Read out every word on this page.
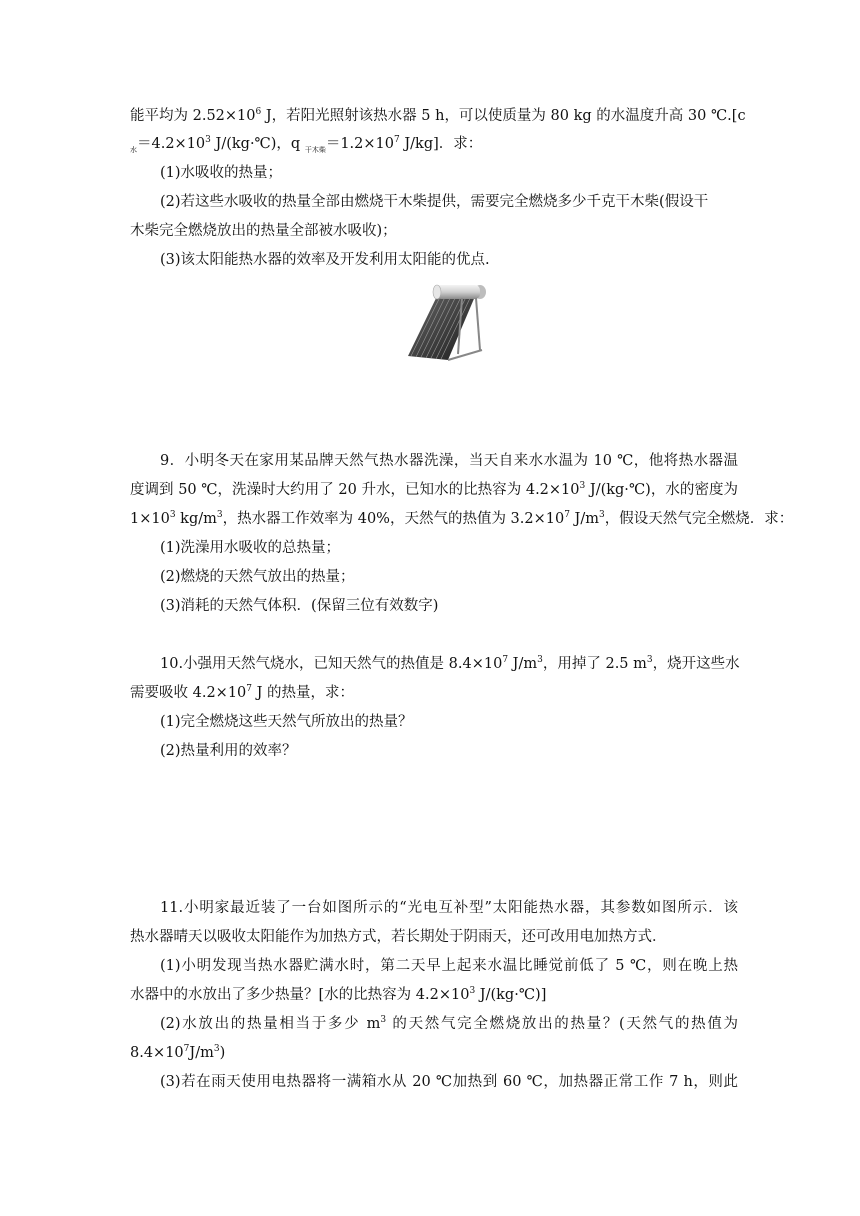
能平均为 $2.52\times 10^6$ J，若阳光照射该热水器 5 h，可以使质量为 80 kg 的水温度升高 30 ℃.[c
$_水=4.2\times 10^3$ J/(kg·℃)，q $_{干木柴}=1.2\times 10^7$ J/kg]．求：
(1)水吸收的热量；
(2)若这些水吸收的热量全部由燃烧干木柴提供，需要完全燃烧多少千克干木柴(假设干
木柴完全燃烧放出的热量全部被水吸收)；
(3)该太阳能热水器的效率及开发利用太阳能的优点.
9．小明冬天在家用某品牌天然气热水器洗澡，当天自来水水温为 10 ℃，他将热水器温
度调到 50 ℃，洗澡时大约用了 20 升水，已知水的比热容为 $4.2\times 10^3$ J/(kg·℃)，水的密度为
$1\times 10^3$ $kg/m^3$，热水器工作效率为 40%，天然气的热值为 $3.2\times 10^7$ $J/m^3$，假设天然气完全燃烧．求：
(1)洗澡用水吸收的总热量；
(2)燃烧的天然气放出的热量；
(3)消耗的天然气体积．(保留三位有效数字)
10.小强用天然气烧水，已知天然气的热值是 $8.4\times 10^7$ $J/m^3$，用掉了 2.5 $m^3$，烧开这些水
需要吸收 $4.2\times 10^7$ J 的热量，求：
(1)完全燃烧这些天然气所放出的热量？
(2)热量利用的效率？
11.小明家最近装了一台如图所示的“光电互补型”太阳能热水器，其参数如图所示．该
热水器晴天以吸收太阳能作为加热方式，若长期处于阴雨天，还可改用电加热方式．
(1)小明发现当热水器贮满水时，第二天早上起来水温比睡觉前低了 5 ℃，则在晚上热
水器中的水放出了多少热量？[水的比热容为 $4.2\times 10^3$ J/(kg·℃)]
(2)水放出的热量相当于多少 $m^3$ 的天然气完全燃烧放出的热量？(天然气的热值为
$8.4\times 10^7J/m^3$)
(3)若在雨天使用电热器将一满箱水从 20 ℃加热到 60 ℃，加热器正常工作 7 h，则此
